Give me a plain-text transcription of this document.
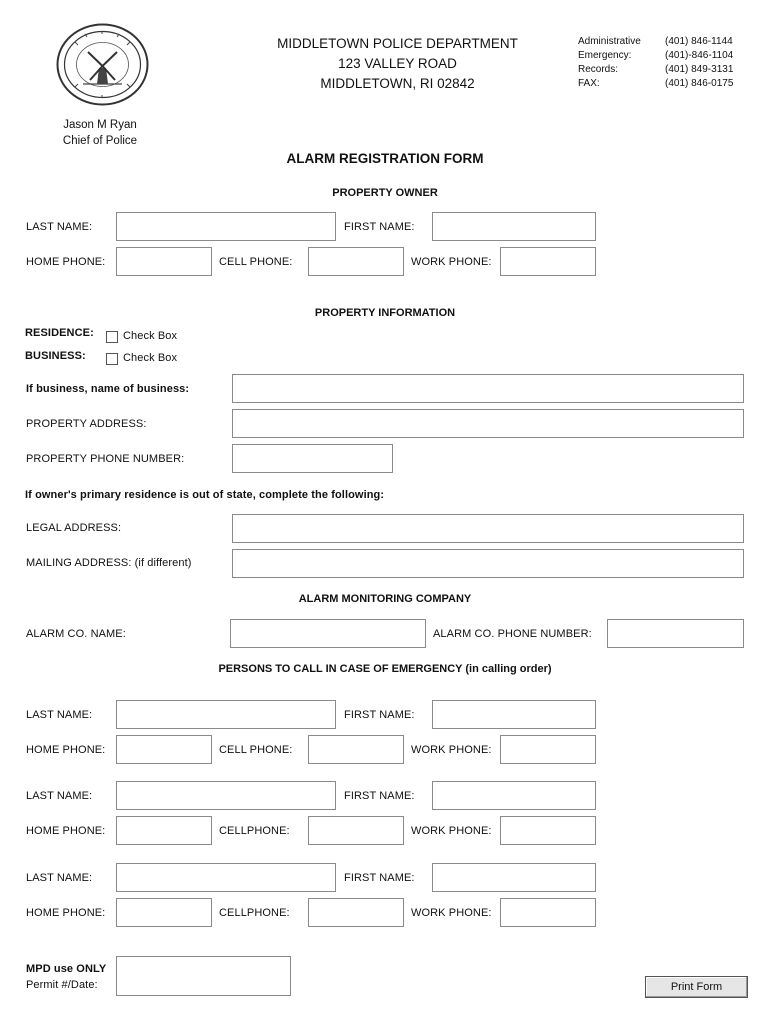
MIDDLETOWN POLICE DEPARTMENT
123 VALLEY ROAD
MIDDLETOWN, RI 02842
Administrative (401) 846-1144
Emergency:	(401)-846-1104
Records:	(401) 849-3131
FAX:	(401) 846-0175
Jason M Ryan
Chief of Police
ALARM REGISTRATION FORM
PROPERTY OWNER
LAST NAME:	FIRST NAME:
HOME PHONE:	CELL PHONE:	WORK PHONE:
PROPERTY INFORMATION
RESIDENCE:	Check Box
BUSINESS:	Check Box
If business, name of business:
PROPERTY ADDRESS:
PROPERTY PHONE NUMBER:
If owner's primary residence is out of state, complete the following:
LEGAL ADDRESS:
MAILING ADDRESS: (if different)
ALARM MONITORING COMPANY
ALARM CO. NAME:	ALARM CO. PHONE NUMBER:
PERSONS TO CALL IN CASE OF EMERGENCY (in calling order)
LAST NAME:	FIRST NAME:
HOME PHONE:	CELL PHONE:	WORK PHONE:
LAST NAME:	FIRST NAME:
HOME PHONE:	CELLPHONE:	WORK PHONE:
LAST NAME:	FIRST NAME:
HOME PHONE:	CELLPHONE:	WORK PHONE:
MPD use ONLY
Permit #/Date:	Print Form
